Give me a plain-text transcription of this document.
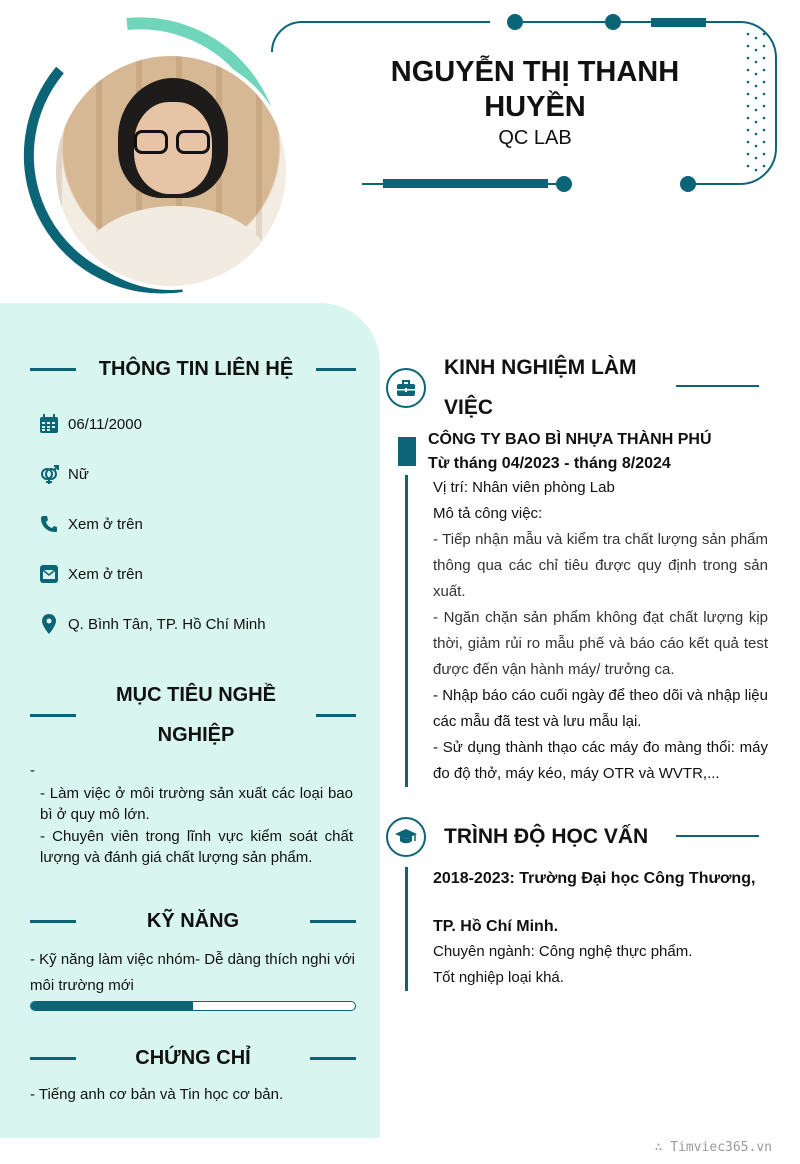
NGUYỄN THỊ THANH HUYỀN
QC LAB
THÔNG TIN LIÊN HỆ
06/11/2000
Nữ
Xem ở trên
Xem ở trên
Q. Bình Tân, TP. Hồ Chí Minh
MỤC TIÊU NGHỀ NGHIỆP
-
- Làm việc ở môi trường sản xuất các loại bao bì ở quy mô lớn.
- Chuyên viên trong lĩnh vực kiểm soát chất lượng và đánh giá chất lượng sản phẩm.
KỸ NĂNG
- Kỹ năng làm việc nhóm- Dễ dàng thích nghi với môi trường mới
CHỨNG CHỈ
- Tiếng anh cơ bản và Tin học cơ bản.
KINH NGHIỆM LÀM VIỆC
CÔNG TY BAO BÌ NHỰA THÀNH PHÚ
Từ tháng 04/2023 - tháng 8/2024
Vị trí: Nhân viên phòng Lab
Mô tả công việc:
- Tiếp nhận mẫu và kiểm tra chất lượng sản phẩm thông qua các chỉ tiêu được quy định trong sản xuất.
- Ngăn chặn sản phẩm không đạt chất lượng kịp thời, giảm rủi ro mẫu phế và báo cáo kết quả test được đến vận hành máy/ trưởng ca.
- Nhập báo cáo cuối ngày để theo dõi và nhập liệu các mẫu đã test và lưu mẫu lại.
- Sử dụng thành thạo các máy đo màng thổi: máy đo độ thở, máy kéo, máy OTR và WVTR,...
TRÌNH ĐỘ HỌC VẤN
2018-2023: Trường Đại học Công Thương,
TP. Hồ Chí Minh.
Chuyên ngành: Công nghệ thực phẩm.
Tốt nghiệp loại khá.
∴ Timviec365.vn
